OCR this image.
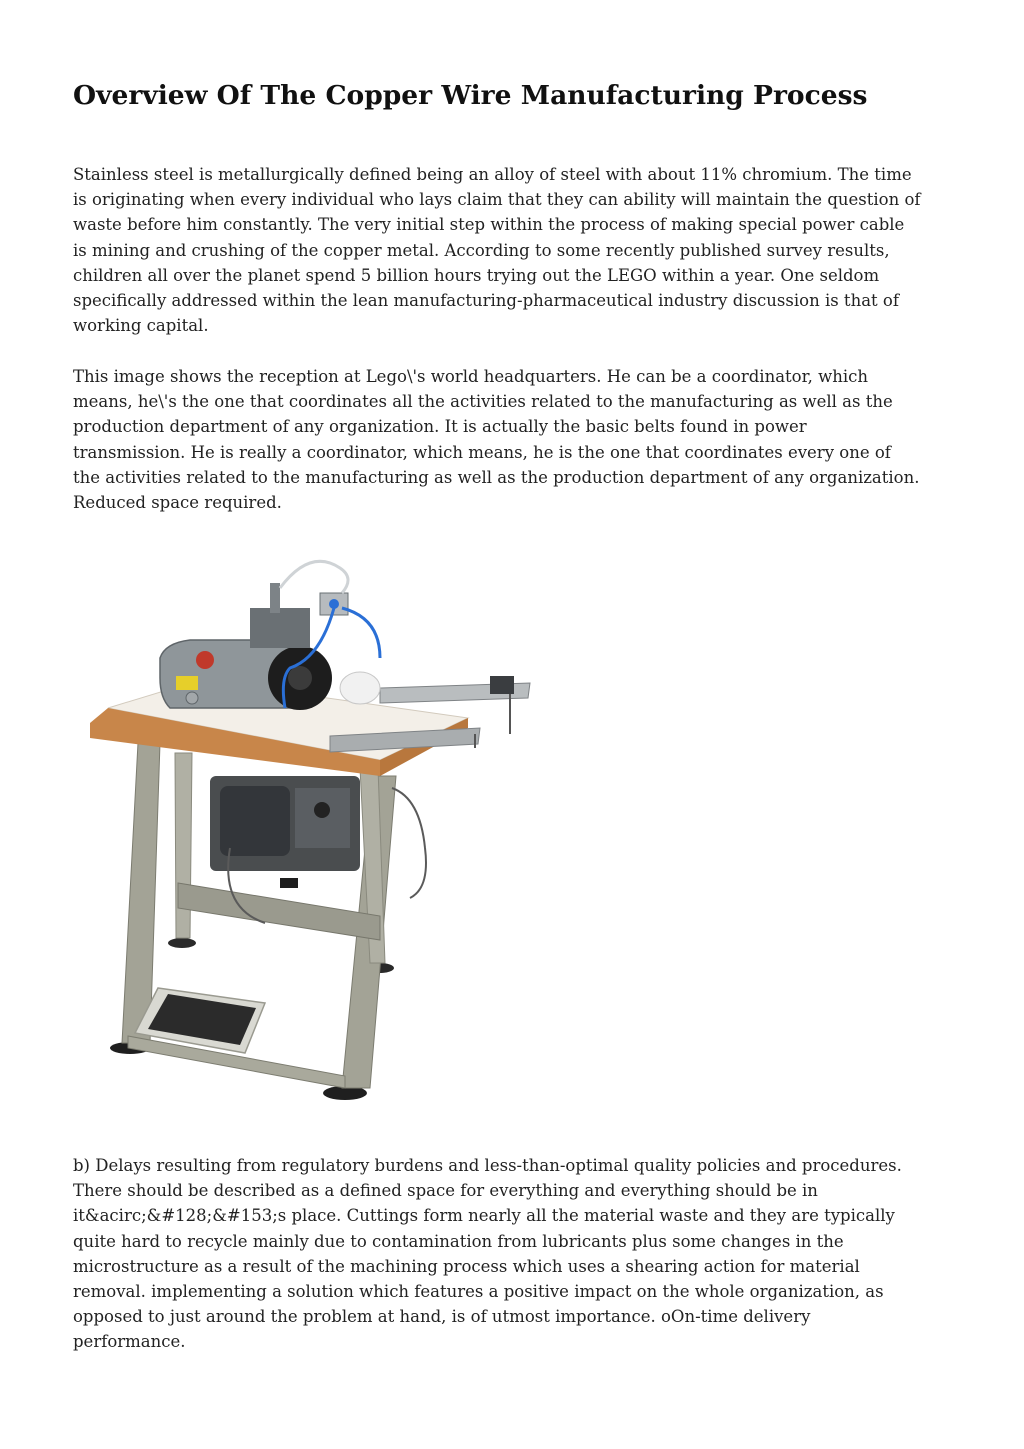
Overview Of The Copper Wire Manufacturing Process

Stainless steel is metallurgically defined being an alloy of steel with about 11% chromium. The time
is originating when every individual who lays claim that they can ability will maintain the question of
waste before him constantly. The very initial step within the process of making special power cable
is mining and crushing of the copper metal. According to some recently published survey results,
children all over the planet spend 5 billion hours trying out the LEGO within a year. One seldom
specifically addressed within the lean manufacturing-pharmaceutical industry discussion is that of
working capital.

This image shows the reception at Lego\'s world headquarters. He can be a coordinator, which
means, he\'s the one that coordinates all the activities related to the manufacturing as well as the
production department of any organization. It is actually the basic belts found in power
transmission. He is really a coordinator, which means, he is the one that coordinates every one of
the activities related to the manufacturing as well as the production department of any organization.
Reduced space required.

b) Delays resulting from regulatory burdens and less-than-optimal quality policies and procedures.
There should be described as a defined space for everything and everything should be in
it&acirc;&#128;&#153;s place. Cuttings form nearly all the material waste and they are typically
quite hard to recycle mainly due to contamination from lubricants plus some changes in the
microstructure as a result of the machining process which uses a shearing action for material
removal. implementing a solution which features a positive impact on the whole organization, as
opposed to just around the problem at hand, is of utmost importance. oOn-time delivery
performance.
